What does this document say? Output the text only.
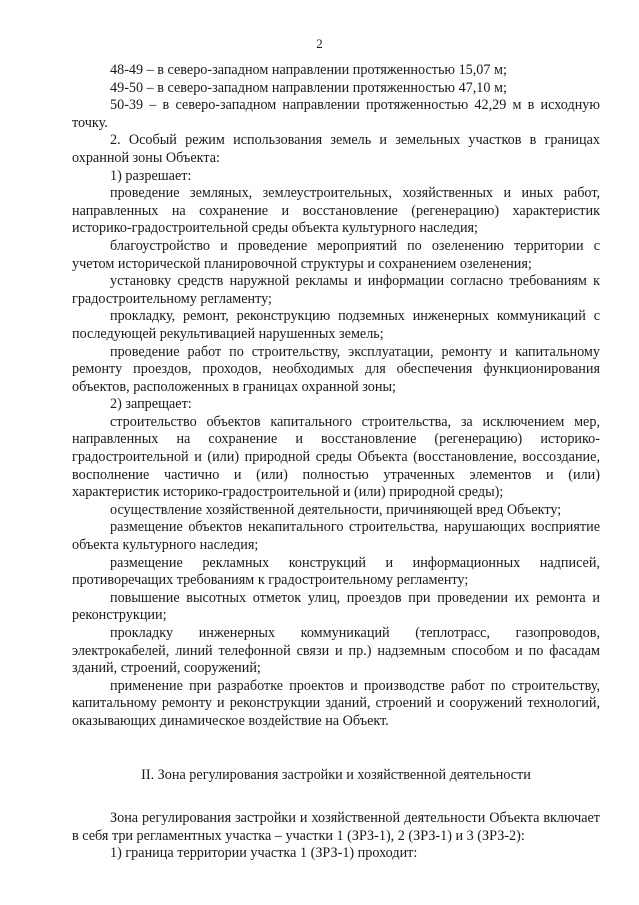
2

48-49 – в северо-западном направлении протяженностью 15,07 м;

49-50 – в северо-западном направлении протяженностью 47,10 м;

50-39 – в северо-западном направлении протяженностью 42,29 м в исходную точку.

2. Особый режим использования земель и земельных участков в границах охранной зоны Объекта:

1) разрешает:

проведение земляных, землеустроительных, хозяйственных и иных работ, направленных на сохранение и восстановление (регенерацию) характеристик историко-градостроительной среды объекта культурного наследия;

благоустройство и проведение мероприятий по озеленению территории с учетом исторической планировочной структуры и сохранением озеленения;

установку средств наружной рекламы и информации согласно требованиям к градостроительному регламенту;

прокладку, ремонт, реконструкцию подземных инженерных коммуникаций с последующей рекультивацией нарушенных земель;

проведение работ по строительству, эксплуатации, ремонту и капитальному ремонту проездов, проходов, необходимых для обеспечения функционирования объектов, расположенных в границах охранной зоны;

2) запрещает:

строительство объектов капитального строительства, за исключением мер, направленных на сохранение и восстановление (регенерацию) историко-градостроительной и (или) природной среды Объекта (восстановление, воссоздание, восполнение частично и (или) полностью утраченных элементов и (или) характеристик историко-градостроительной и (или) природной среды);

осуществление хозяйственной деятельности, причиняющей вред Объекту;

размещение объектов некапитального строительства, нарушающих восприятие объекта культурного наследия;

размещение рекламных конструкций и информационных надписей, противоречащих требованиям к градостроительному регламенту;

повышение высотных отметок улиц, проездов при проведении их ремонта и реконструкции;

прокладку инженерных коммуникаций (теплотрасс, газопроводов, электрокабелей, линий телефонной связи и пр.) надземным способом и по фасадам зданий, строений, сооружений;

применение при разработке проектов и производстве работ по строительству, капитальному ремонту и реконструкции зданий, строений и сооружений технологий, оказывающих динамическое воздействие на Объект.

II. Зона регулирования застройки и хозяйственной деятельности

Зона регулирования застройки и хозяйственной деятельности Объекта включает в себя три регламентных участка – участки 1 (ЗРЗ-1), 2 (ЗРЗ-1) и 3 (ЗРЗ-2):

1) граница территории участка 1 (ЗРЗ-1) проходит:
